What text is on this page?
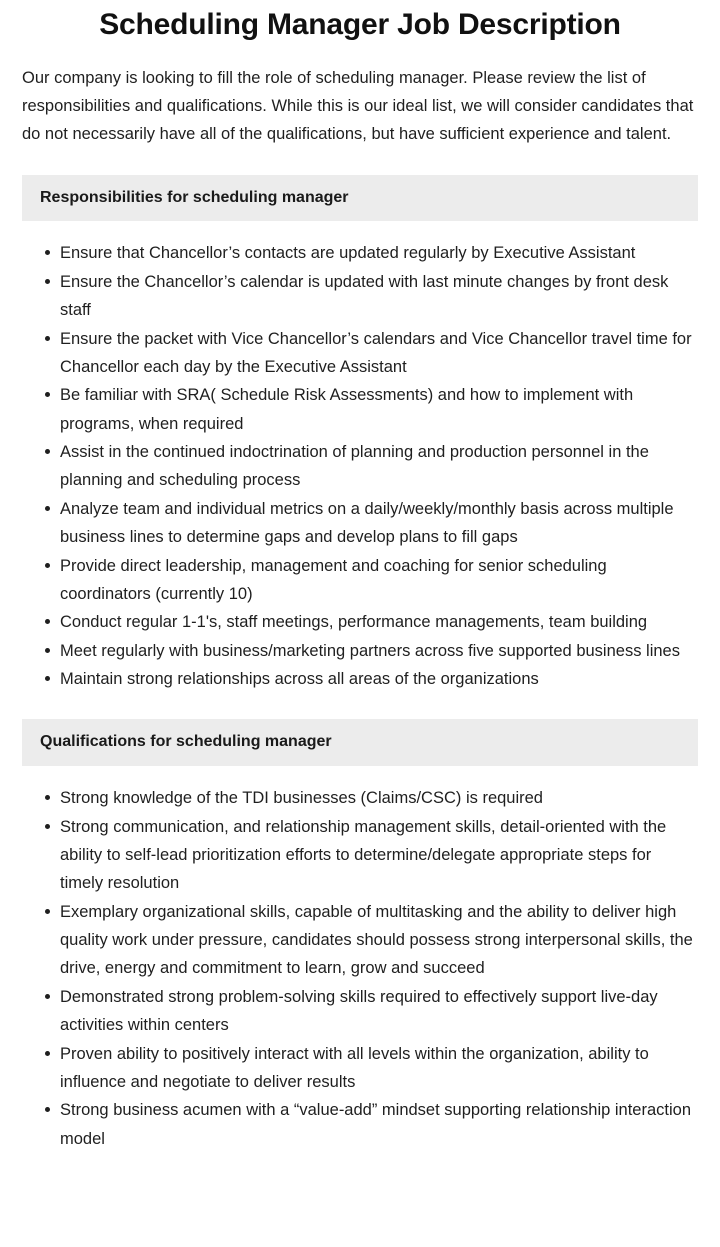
Scheduling Manager Job Description

Our company is looking to fill the role of scheduling manager. Please review the list of responsibilities and qualifications. While this is our ideal list, we will consider candidates that do not necessarily have all of the qualifications, but have sufficient experience and talent.

Responsibilities for scheduling manager
Ensure that Chancellor’s contacts are updated regularly by Executive Assistant
Ensure the Chancellor’s calendar is updated with last minute changes by front desk staff
Ensure the packet with Vice Chancellor’s calendars and Vice Chancellor travel time for Chancellor each day by the Executive Assistant
Be familiar with SRA( Schedule Risk Assessments) and how to implement with programs, when required
Assist in the continued indoctrination of planning and production personnel in the planning and scheduling process
Analyze team and individual metrics on a daily/weekly/monthly basis across multiple business lines to determine gaps and develop plans to fill gaps
Provide direct leadership, management and coaching for senior scheduling coordinators (currently 10)
Conduct regular 1-1's, staff meetings, performance managements, team building
Meet regularly with business/marketing partners across five supported business lines
Maintain strong relationships across all areas of the organizations
Qualifications for scheduling manager
Strong knowledge of the TDI businesses (Claims/CSC) is required
Strong communication, and relationship management skills, detail-oriented with the ability to self-lead prioritization efforts to determine/delegate appropriate steps for timely resolution
Exemplary organizational skills, capable of multitasking and the ability to deliver high quality work under pressure, candidates should possess strong interpersonal skills, the drive, energy and commitment to learn, grow and succeed
Demonstrated strong problem-solving skills required to effectively support live-day activities within centers
Proven ability to positively interact with all levels within the organization, ability to influence and negotiate to deliver results
Strong business acumen with a “value-add” mindset supporting relationship interaction model
